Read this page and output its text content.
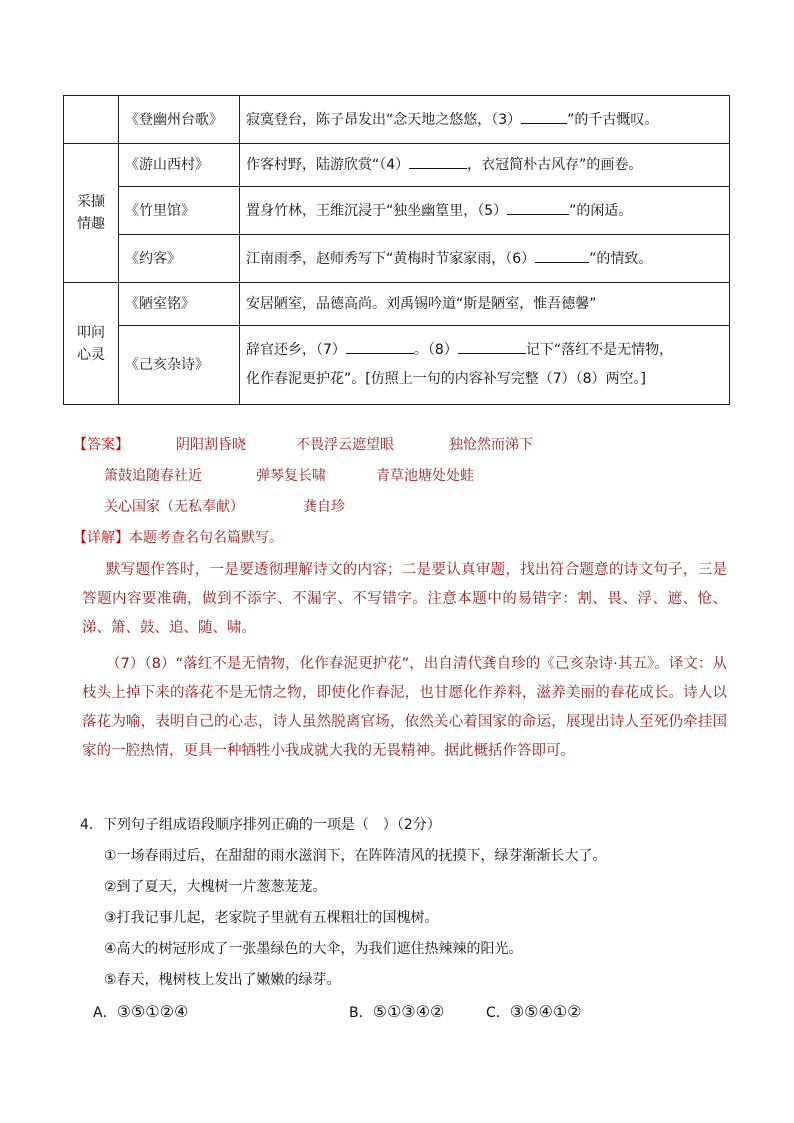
	《登幽州台歌》	寂寞登台，陈子昂发出“念天地之悠悠，（3） ”的千古慨叹。
采撷
情趣	《游山西村》	作客村野，陆游欣赏“（4） ，衣冠简朴古风存”的画卷。
	《竹里馆》	置身竹林，王维沉浸于“独坐幽篁里，（5） ”的闲适。
	《约客》	江南雨季，赵师秀写下“黄梅时节家家雨，（6） ”的情致。
叩问
心灵	《陋室铭》	安居陋室，品德高尚。刘禹锡吟道“斯是陋室，惟吾德馨”
	《己亥杂诗》	辞官还乡，（7） 。（8） 记下“落红不是无情物，
化作春泥更护花”。[仿照上一句的内容补写完整（7）（8）两空。]
【答案】	阴阳割昏晓	不畏浮云遮望眼	独怆然而涕下
箫鼓追随春社近	弹琴复长啸	青草池塘处处蛙
关心国家（无私奉献）	龚自珍
【详解】本题考查名句名篇默写。
默写题作答时，一是要透彻理解诗文的内容；二是要认真审题，找出符合题意的诗文句子，三是答题内容要准确，做到不添字、不漏字、不写错字。注意本题中的易错字：割、畏、浮、遮、怆、涕、箫、鼓、追、随、啸。
（7）（8）“落红不是无情物，化作春泥更护花”，出自清代龚自珍的《己亥杂诗·其五》。译文：从枝头上掉下来的落花不是无情之物，即使化作春泥，也甘愿化作养料，滋养美丽的春花成长。诗人以落花为喻，表明自己的心志，诗人虽然脱离官场，依然关心着国家的命运，展现出诗人至死仍牵挂国家的一腔热情，更具一种牺牲小我成就大我的无畏精神。据此概括作答即可。
4．下列句子组成语段顺序排列正确的一项是（　）（2分）
①一场春雨过后，在甜甜的雨水滋润下，在阵阵清风的抚摸下，绿芽渐渐长大了。
②到了夏天，大槐树一片葱葱茏茏。
③打我记事儿起，老家院子里就有五棵粗壮的国槐树。
④高大的树冠形成了一张墨绿色的大伞，为我们遮住热辣辣的阳光。
⑤春天，槐树枝上发出了嫩嫩的绿芽。
A．③⑤①②④	B．⑤①③④②	C．③⑤④①②
